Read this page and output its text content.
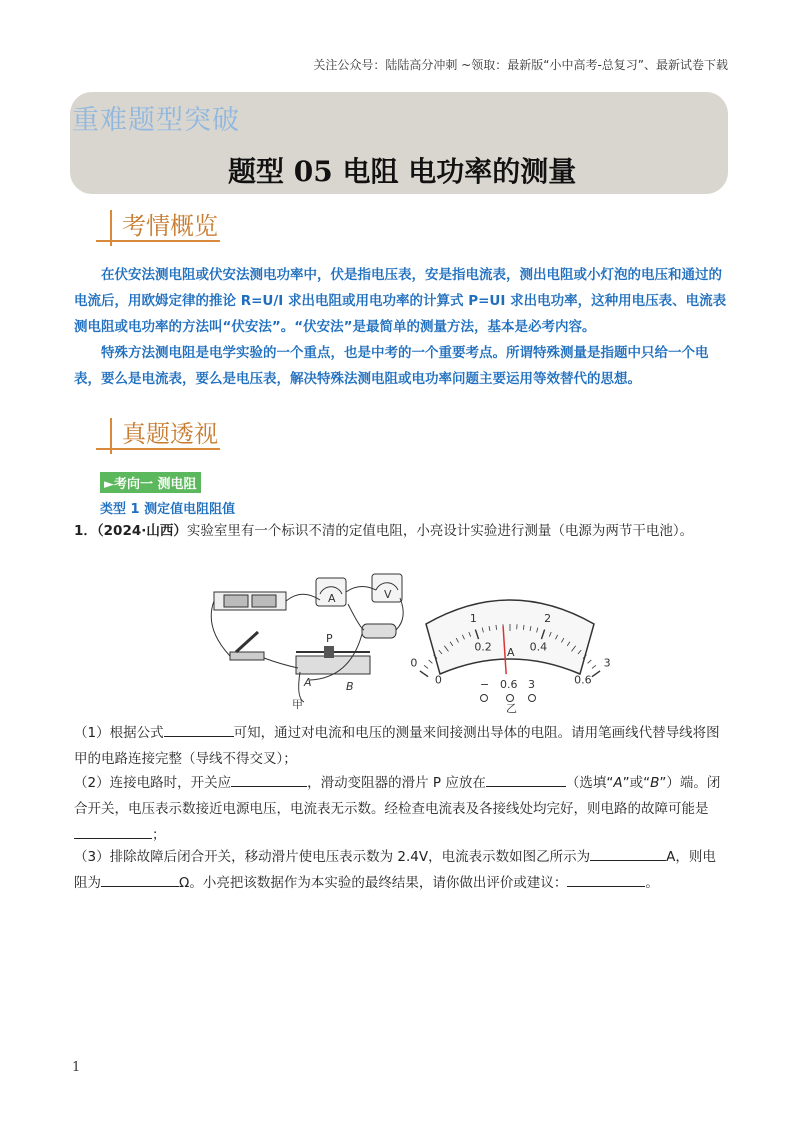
关注公众号：陆陆高分冲刺 ~领取：最新版“小中高考-总复习”、最新试卷下载
重难题型突破
题型 05 电阻 电功率的测量
考情概览

在伏安法测电阻或伏安法测电功率中，伏是指电压表，安是指电流表，测出电阻或小灯泡的电压和通过的电流后，用欧姆定律的推论 R=U/I 求出电阻或用电功率的计算式 P=UI 求出电功率，这种用电压表、电流表测电阻或电功率的方法叫“伏安法”。“伏安法”是最简单的测量方法，基本是必考内容。

特殊方法测电阻是电学实验的一个重点，也是中考的一个重要考点。所谓特殊测量是指题中只给一个电表，要么是电流表，要么是电压表，解决特殊法测电阻或电功率问题主要运用等效替代的思想。

真题透视
►考向一 测电阻
类型 1 测定值电阻阻值

1．（2024·山西）实验室里有一个标识不清的定值电阻，小亮设计实验进行测量（电源为两节干电池）。

A	V
P
A	B
甲
0
1	2
3
0
0.2	0.4
0.6
A
− 0.6 3
乙

（1）根据公式	可知，通过对电流和电压的测量来间接测出导体的电阻。请用笔画线代替导线将图甲的电路连接完整（导线不得交叉）；

（2）连接电路时，开关应	，滑动变阻器的滑片 P 应放在	（选填“A”或“B”）端。闭合开关，电压表示数接近电源电压，电流表无示数。经检查电流表及各接线处均完好，则电路的故障可能是；

（3）排除故障后闭合开关，移动滑片使电压表示数为 2.4V，电流表示数如图乙所示为	A，则电阻为	Ω。小亮把该数据作为本实验的最终结果，请你做出评价或建议：	。

1
